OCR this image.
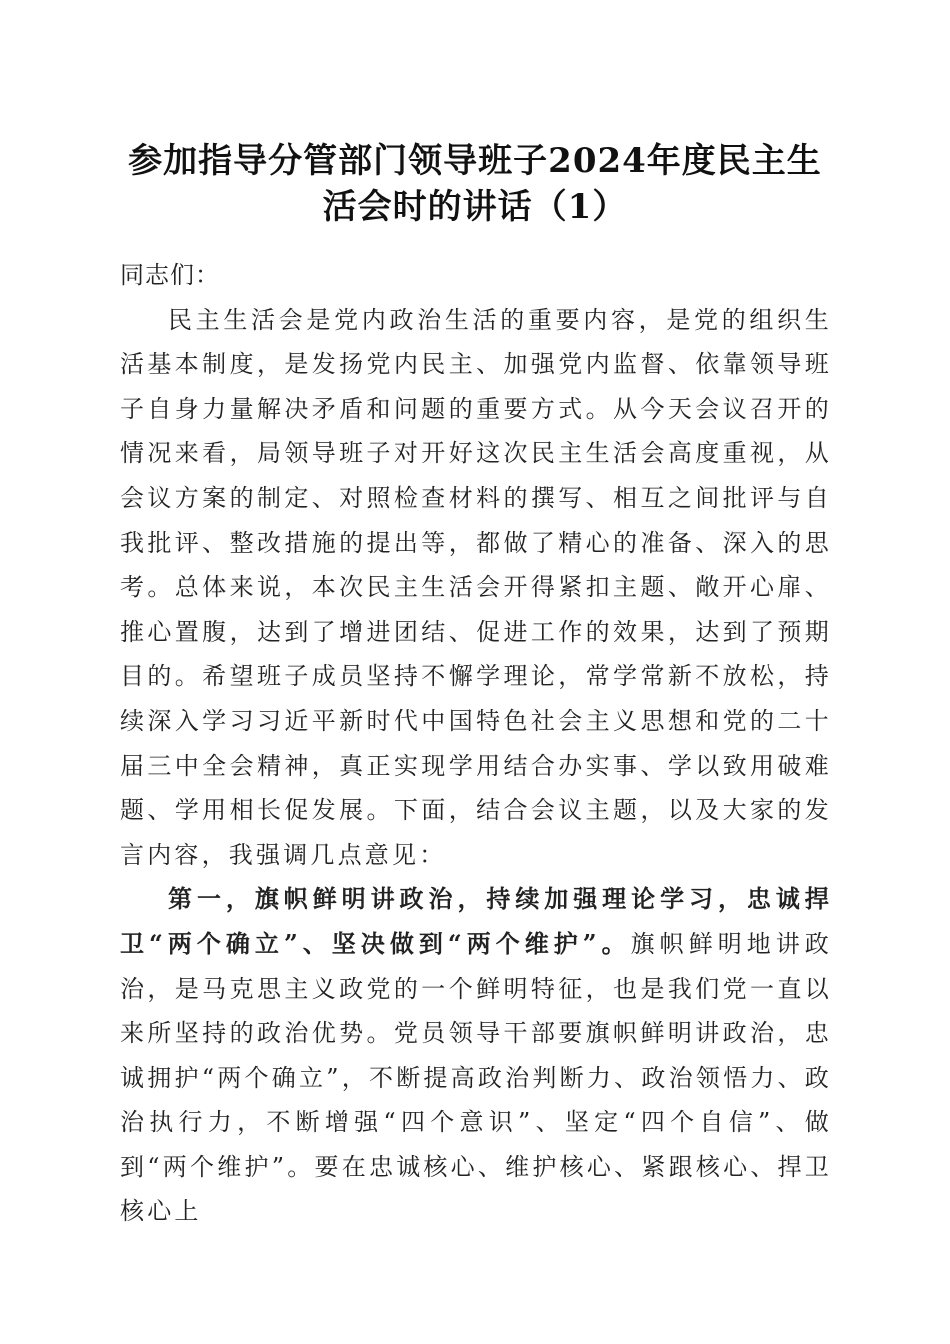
参加指导分管部门领导班子2024年度民主生
活会时的讲话（1）

同志们：

民主生活会是党内政治生活的重要内容，是党的组织生活基本制度，是发扬党内民主、加强党内监督、依靠领导班子自身力量解决矛盾和问题的重要方式。从今天会议召开的情况来看，局领导班子对开好这次民主生活会高度重视，从会议方案的制定、对照检查材料的撰写、相互之间批评与自我批评、整改措施的提出等，都做了精心的准备、深入的思考。总体来说，本次民主生活会开得紧扣主题、敞开心扉、推心置腹，达到了增进团结、促进工作的效果，达到了预期目的。希望班子成员坚持不懈学理论，常学常新不放松，持续深入学习习近平新时代中国特色社会主义思想和党的二十届三中全会精神，真正实现学用结合办实事、学以致用破难题、学用相长促发展。下面，结合会议主题，以及大家的发言内容，我强调几点意见：

第一，旗帜鲜明讲政治，持续加强理论学习，忠诚捍卫“两个确立”、坚决做到“两个维护”。旗帜鲜明地讲政治，是马克思主义政党的一个鲜明特征，也是我们党一直以来所坚持的政治优势。党员领导干部要旗帜鲜明讲政治，忠诚拥护“两个确立”，不断提高政治判断力、政治领悟力、政治执行力，不断增强“四个意识”、坚定“四个自信”、做到“两个维护”。要在忠诚核心、维护核心、紧跟核心、捍卫核心上
